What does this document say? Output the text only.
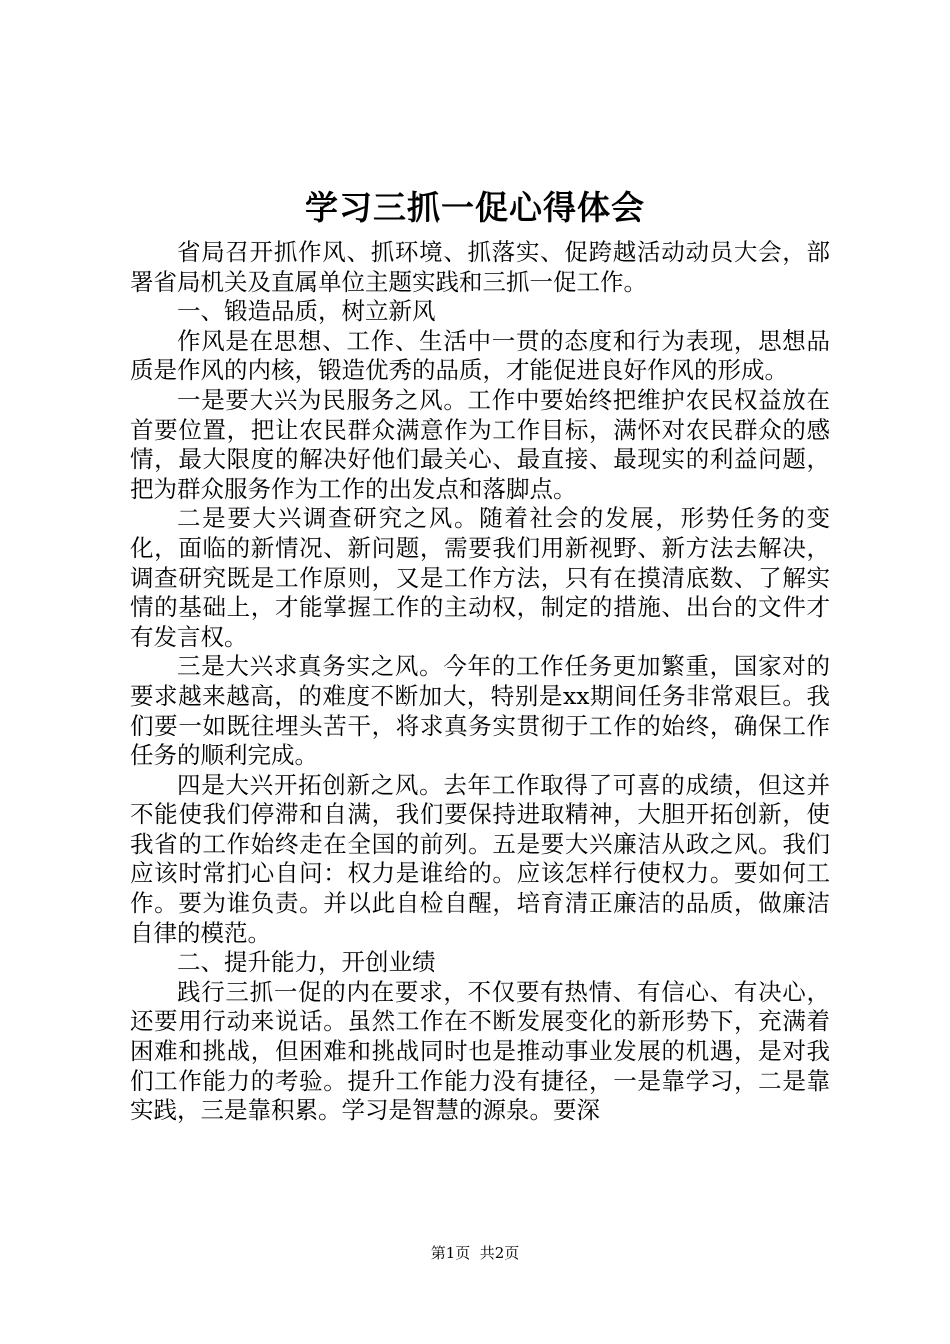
学习三抓一促心得体会

省局召开抓作风、抓环境、抓落实、促跨越活动动员大会，部署省局机关及直属单位主题实践和三抓一促工作。

一、锻造品质，树立新风

作风是在思想、工作、生活中一贯的态度和行为表现，思想品质是作风的内核，锻造优秀的品质，才能促进良好作风的形成。

一是要大兴为民服务之风。工作中要始终把维护农民权益放在首要位置，把让农民群众满意作为工作目标，满怀对农民群众的感情，最大限度的解决好他们最关心、最直接、最现实的利益问题，把为群众服务作为工作的出发点和落脚点。

二是要大兴调查研究之风。随着社会的发展，形势任务的变化，面临的新情况、新问题，需要我们用新视野、新方法去解决，调查研究既是工作原则，又是工作方法，只有在摸清底数、了解实情的基础上，才能掌握工作的主动权，制定的措施、出台的文件才有发言权。

三是大兴求真务实之风。今年的工作任务更加繁重，国家对的要求越来越高，的难度不断加大，特别是xx期间任务非常艰巨。我们要一如既往埋头苦干，将求真务实贯彻于工作的始终，确保工作任务的顺利完成。

四是大兴开拓创新之风。去年工作取得了可喜的成绩，但这并不能使我们停滞和自满，我们要保持进取精神，大胆开拓创新，使我省的工作始终走在全国的前列。五是要大兴廉洁从政之风。我们应该时常扪心自问：权力是谁给的。应该怎样行使权力。要如何工作。要为谁负责。并以此自检自醒，培育清正廉洁的品质，做廉洁自律的模范。

二、提升能力，开创业绩

践行三抓一促的内在要求，不仅要有热情、有信心、有决心，还要用行动来说话。虽然工作在不断发展变化的新形势下，充满着困难和挑战，但困难和挑战同时也是推动事业发展的机遇，是对我们工作能力的考验。提升工作能力没有捷径，一是靠学习，二是靠实践，三是靠积累。学习是智慧的源泉。要深

第1页  共2页
